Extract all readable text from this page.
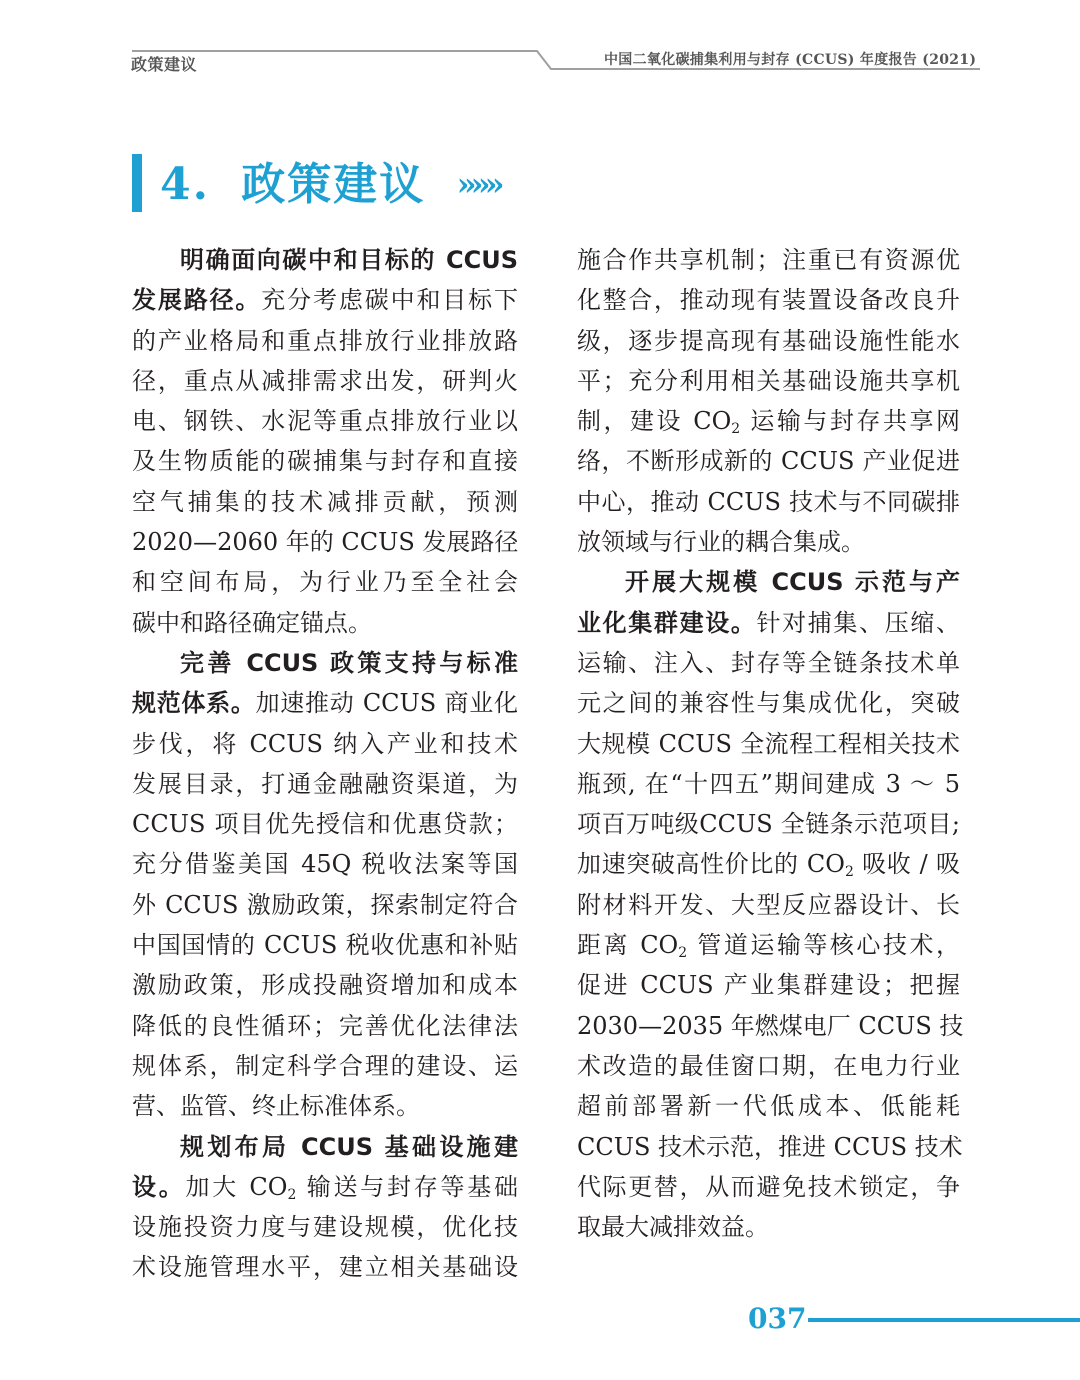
政策建议	中国二氧化碳捕集利用与封存 (CCUS) 年度报告 (2021)
4. 政策建议 »»»
明确面向碳中和目标的 CCUS
发展路径。充分考虑碳中和目标下
的产业格局和重点排放行业排放路
径，重点从减排需求出发，研判火
电、钢铁、水泥等重点排放行业以
及生物质能的碳捕集与封存和直接
空气捕集的技术减排贡献，预测
2020—2060 年的 CCUS 发展路径
和空间布局，为行业乃至全社会
碳中和路径确定锚点。
完善 CCUS 政策支持与标准
规范体系。加速推动 CCUS 商业化
步伐，将 CCUS 纳入产业和技术
发展目录，打通金融融资渠道，为
CCUS 项目优先授信和优惠贷款；
充分借鉴美国 45Q 税收法案等国
外 CCUS 激励政策，探索制定符合
中国国情的 CCUS 税收优惠和补贴
激励政策，形成投融资增加和成本
降低的良性循环；完善优化法律法
规体系，制定科学合理的建设、运
营、监管、终止标准体系。
规划布局 CCUS 基础设施建
设。加大 $CO_2$ 输送与封存等基础
设施投资力度与建设规模，优化技
术设施管理水平，建立相关基础设
施合作共享机制；注重已有资源优
化整合，推动现有装置设备改良升
级，逐步提高现有基础设施性能水
平；充分利用相关基础设施共享机
制，建设 $CO_2$ 运输与封存共享网
络，不断形成新的 CCUS 产业促进
中心，推动 CCUS 技术与不同碳排
放领域与行业的耦合集成。
开展大规模 CCUS 示范与产
业化集群建设。针对捕集、压缩、
运输、注入、封存等全链条技术单
元之间的兼容性与集成优化，突破
大规模 CCUS 全流程工程相关技术
瓶颈, 在“十四五”期间建成 3 ～ 5
项百万吨级CCUS 全链条示范项目;
加速突破高性价比的 $CO_2$ 吸收 / 吸
附材料开发、大型反应器设计、长
距离 $CO_2$ 管道运输等核心技术，
促进 CCUS 产业集群建设；把握
2030—2035 年燃煤电厂 CCUS 技
术改造的最佳窗口期，在电力行业
超前部署新一代低成本、低能耗
CCUS 技术示范，推进 CCUS 技术
代际更替，从而避免技术锁定，争
取最大减排效益。
037
